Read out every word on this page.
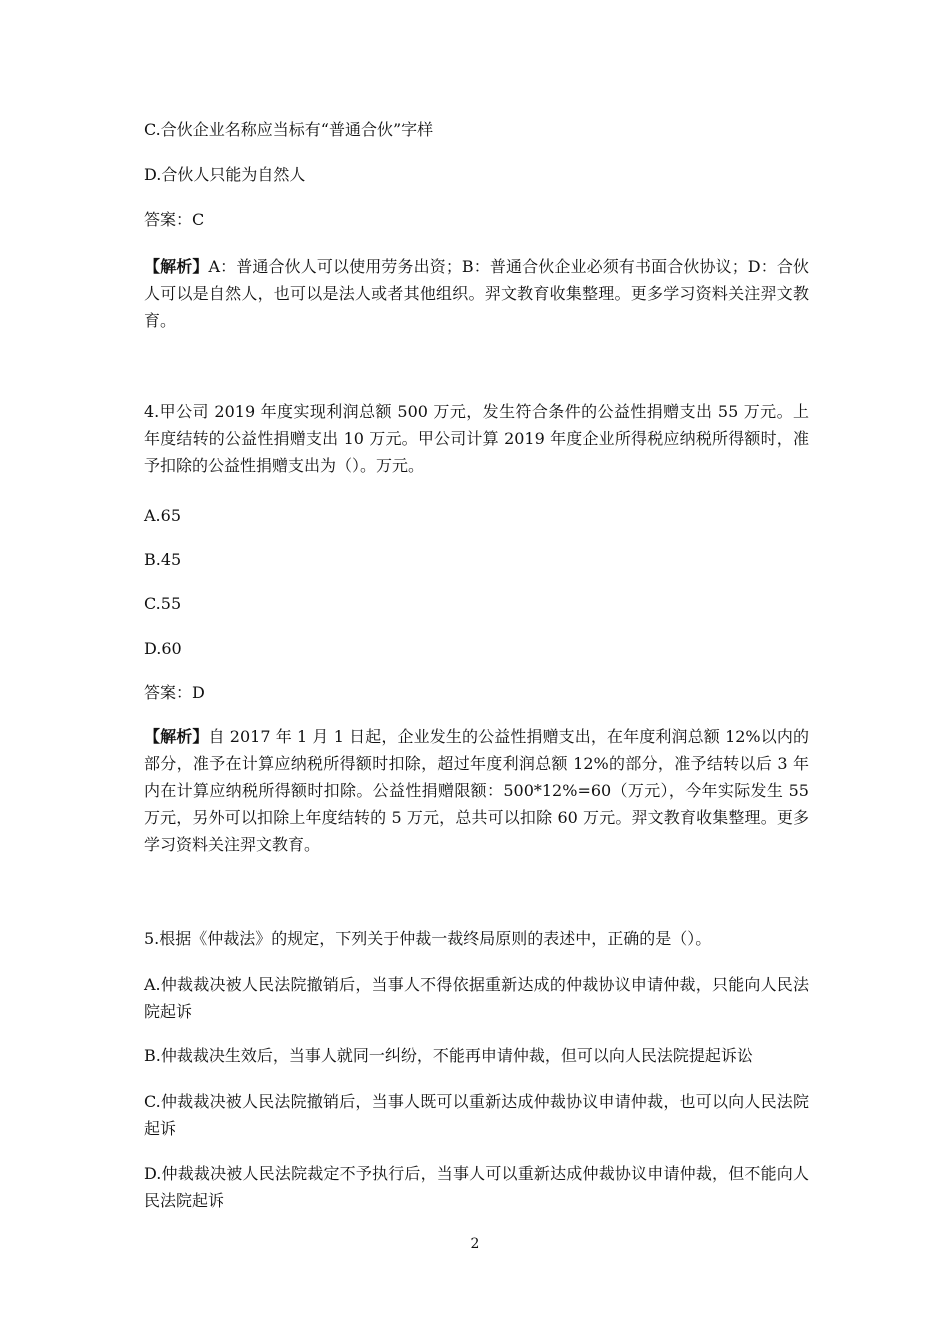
C.合伙企业名称应当标有“普通合伙”字样
D.合伙人只能为自然人
答案：C
【解析】A：普通合伙人可以使用劳务出资；B：普通合伙企业必须有书面合伙协议；D：合伙人可以是自然人，也可以是法人或者其他组织。羿文教育收集整理。更多学习资料关注羿文教育。
4.甲公司 2019 年度实现利润总额 500 万元，发生符合条件的公益性捐赠支出 55 万元。上年度结转的公益性捐赠支出 10 万元。甲公司计算 2019 年度企业所得税应纳税所得额时，准予扣除的公益性捐赠支出为（）。万元。
A.65
B.45
C.55
D.60
答案：D
【解析】自 2017 年 1 月 1 日起，企业发生的公益性捐赠支出，在年度利润总额 12%以内的部分，准予在计算应纳税所得额时扣除，超过年度利润总额 12%的部分，准予结转以后 3 年内在计算应纳税所得额时扣除。公益性捐赠限额：500*12%=60（万元），今年实际发生 55 万元，另外可以扣除上年度结转的 5 万元，总共可以扣除 60 万元。羿文教育收集整理。更多学习资料关注羿文教育。
5.根据《仲裁法》的规定，下列关于仲裁一裁终局原则的表述中，正确的是（）。
A.仲裁裁决被人民法院撤销后，当事人不得依据重新达成的仲裁协议申请仲裁，只能向人民法院起诉
B.仲裁裁决生效后，当事人就同一纠纷，不能再申请仲裁，但可以向人民法院提起诉讼
C.仲裁裁决被人民法院撤销后，当事人既可以重新达成仲裁协议申请仲裁，也可以向人民法院起诉
D.仲裁裁决被人民法院裁定不予执行后，当事人可以重新达成仲裁协议申请仲裁，但不能向人民法院起诉
2
